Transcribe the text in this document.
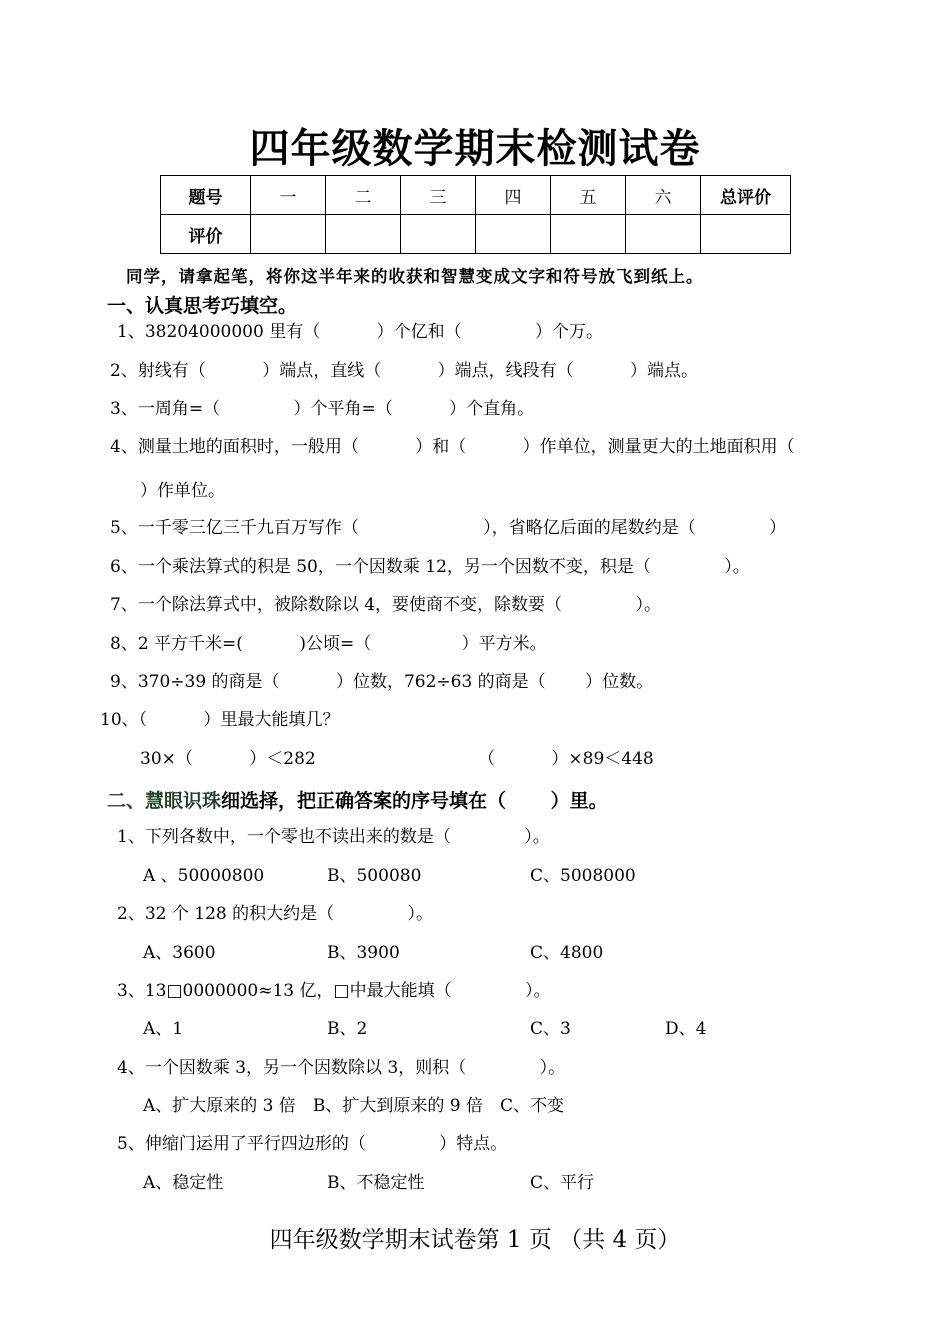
四年级数学期末检测试卷
题号	一	二	三	四	五	六	总评价
评价							
同学，请拿起笔，将你这半年来的收获和智慧变成文字和符号放飞到纸上。
一、认真思考巧填空。
1、38204000000 里有（　　　 ）个亿和（　　　　 ）个万。
2、射线有（　　　 ）端点，直线（　　　 ）端点，线段有（　　　 ）端点。
3、一周角=（　　　　 ）个平角=（　　　 ）个直角。
4、测量土地的面积时，一般用（　　　 ）和（　　　 ）作单位，测量更大的土地面积用（
）作单位。
5、一千零三亿三千九百万写作（　　　　　　　 ），省略亿后面的尾数约是（　　　　 ）
6、一个乘法算式的积是 50，一个因数乘 12，另一个因数不变，积是（　　　　 ）。
7、一个除法算式中，被除数除以 4，要使商不变，除数要（　　　　 ）。
8、2 平方千米=(　　　 )公顷=（　　　　　 ）平方米。
9、370÷39 的商是（　　　 ）位数，762÷63 的商是（　　 ）位数。
10、（　　　 ）里最大能填几？
30×（　　　 ）＜282	（　　　 ）×89＜448
二、慧眼识珠细选择，把正确答案的序号填在（　　 ）里。
1、下列各数中，一个零也不读出来的数是（　　　　 ）。
A 、50000800	B、500080	C、5008000
2、32 个 128 的积大约是（　　　　 ）。
A、3600	B、3900	C、4800
3、13□0000000≈13 亿，□中最大能填（　　　　 ）。
A、1	B、2	C、3	D、4
4、一个因数乘 3，另一个因数除以 3，则积（　　　　 ）。
A、扩大原来的 3 倍　B、扩大到原来的 9 倍　C、不变
5、伸缩门运用了平行四边形的（　　　　 ）特点。
A、稳定性	B、不稳定性	C、平行
四年级数学期末试卷第 1 页 （共 4 页）
